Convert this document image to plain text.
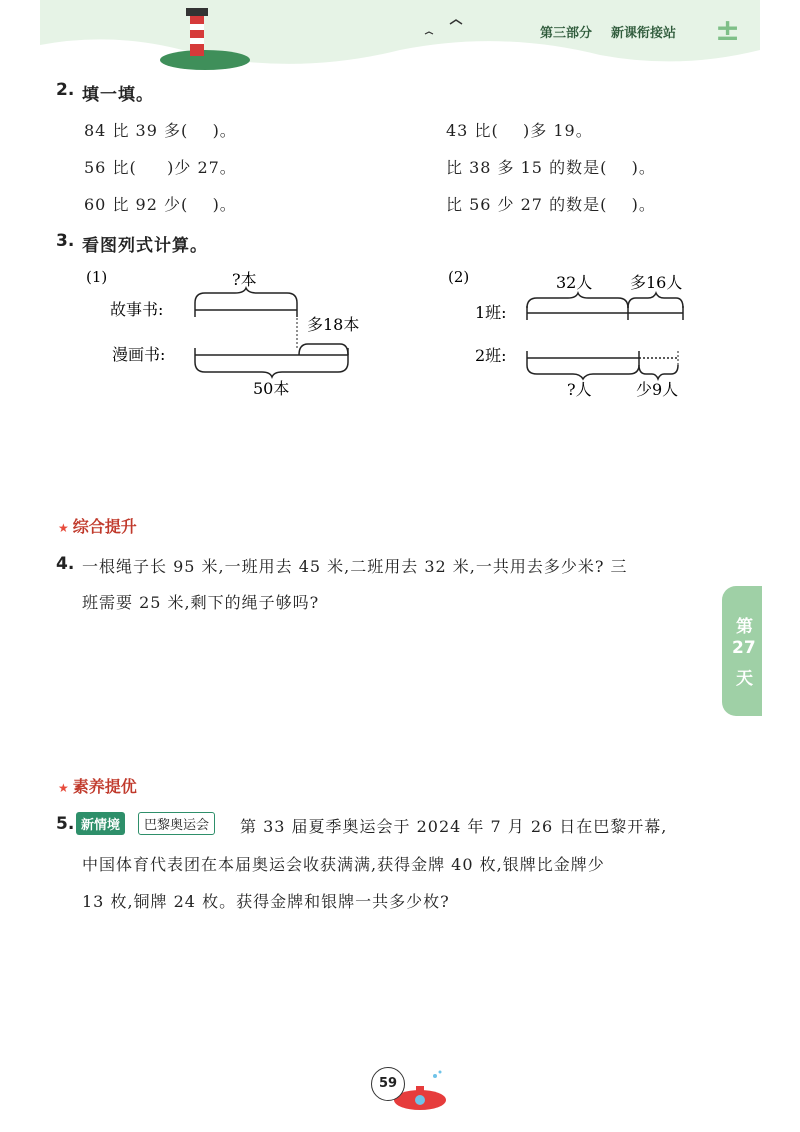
±
第三部分 新课衔接站
2. 填一填。
84 比 39 多(    )。	43 比(    )多 19。
56 比(     )少 27。	比 38 多 15 的数是(    )。
60 比 92 少(    )。	比 56 少 27 的数是(    )。
3. 看图列式计算。
(1)	?本
故事书:
多18本
漫画书:
50本
(2)	32人 多16人
1班:
2班:
?人	少9人
★ 综合提升
4. 一根绳子长 95 米,一班用去 45 米,二班用去 32 米,一共用去多少米? 三
班需要 25 米,剩下的绳子够吗?
第
27
天
★ 素养提优
5. 新情境	巴黎奥运会	第 33 届夏季奥运会于 2024 年 7 月 26 日在巴黎开幕,
中国体育代表团在本届奥运会收获满满,获得金牌 40 枚,银牌比金牌少
13 枚,铜牌 24 枚。获得金牌和银牌一共多少枚?
59
